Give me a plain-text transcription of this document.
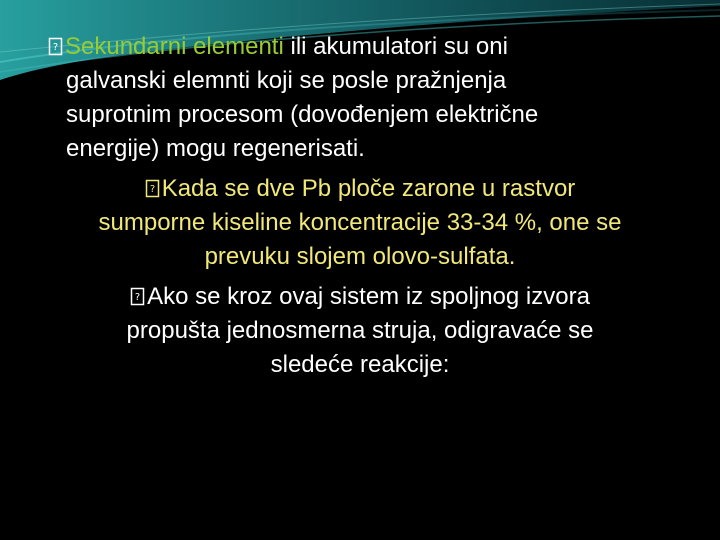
? Sekundarni elementi ili akumulatori su oni
galvanski elemnti koji se posle pražnjenja
suprotnim procesom (dovođenjem električne
energije) mogu regenerisati.

? Kada se dve Pb ploče zarone u rastvor
sumporne kiseline koncentracije 33-34 %, one se
prevuku slojem olovo-sulfata.

? Ako se kroz ovaj sistem iz spoljnog izvora
propušta jednosmerna struja, odigravaće se
sledeće reakcije:
